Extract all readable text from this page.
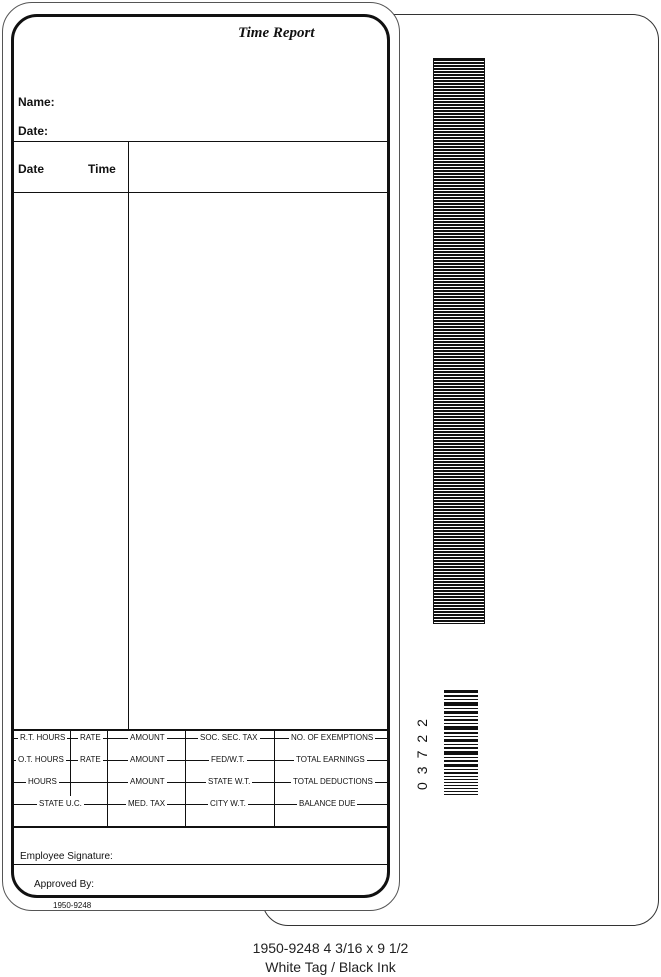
03722
Time Report
Name:
Date:
Date	Time
R.T. HOURS RATE	AMOUNT	SOC. SEC. TAX	NO. OF EXEMPTIONS
O.T. HOURS RATE	AMOUNT	FED/W.T.	TOTAL EARNINGS
HOURS	AMOUNT	STATE W.T.	TOTAL DEDUCTIONS
STATE U.C.	MED. TAX	CITY W.T.	BALANCE DUE
Employee Signature:
Approved By:
1950-9248
1950-9248 4 3/16 x 9 1/2
White Tag / Black Ink
